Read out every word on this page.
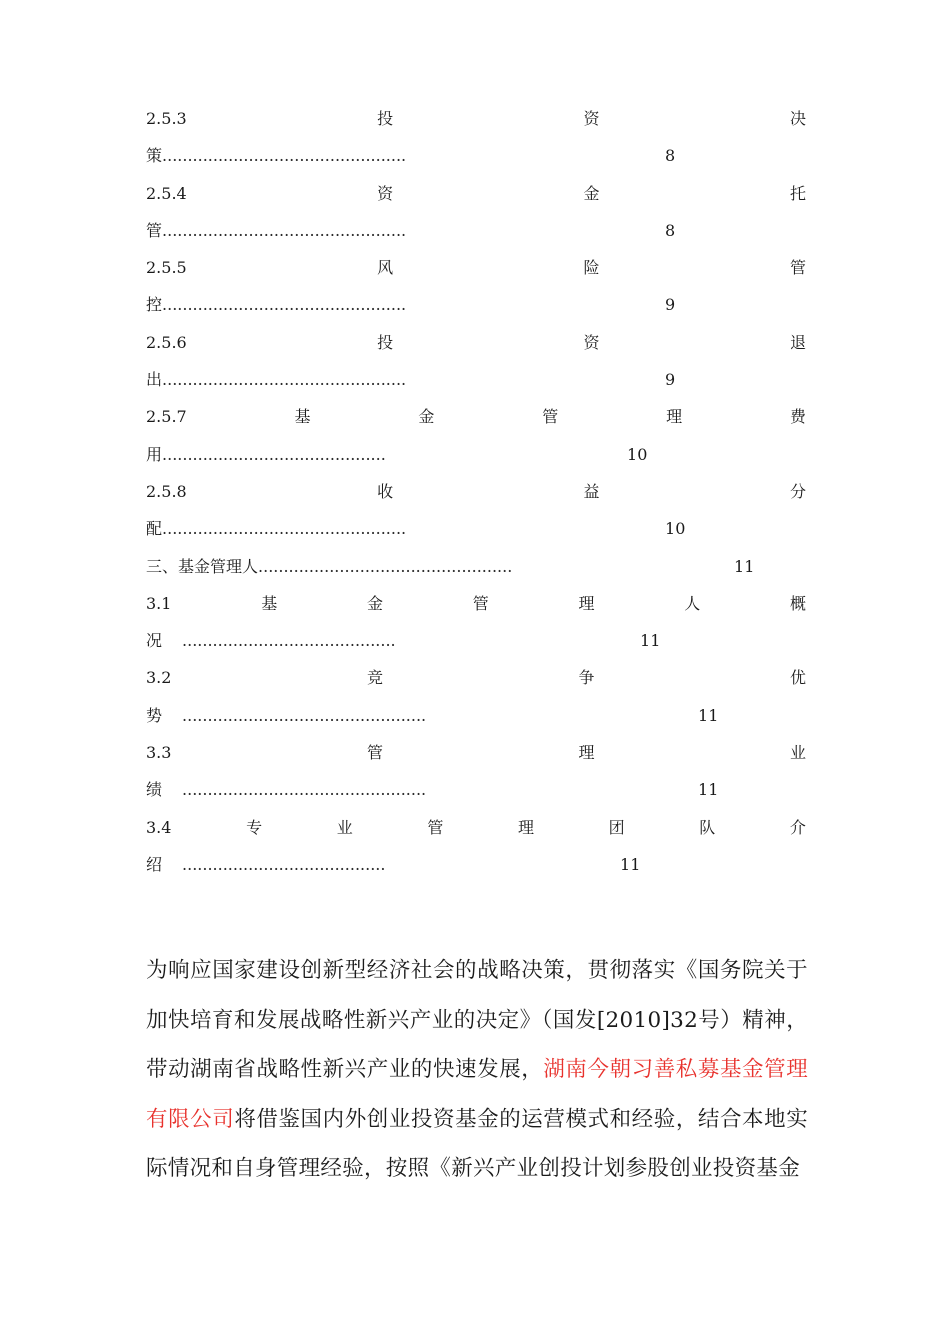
2.5.3	投	资	决
策 ................................................	8
2.5.4	资	金	托
管 ................................................	8
2.5.5	风	险	管
控 ................................................	9
2.5.6	投	资	退
出 ................................................	9
2.5.7	基	金	管	理	费
用 ............................................	10
2.5.8	收	益	分
配 ................................................	10
三、基金管理人 ..................................................	11
3.1	基	金	管	理	人	概
况 ..........................................	11
3.2	竞	争	优
势 ................................................	11
3.3	管	理	业
绩 ................................................	11
3.4	专	业	管	理	团	队	介
绍 ........................................	11
为响应国家建设创新型经济社会的战略决策，贯彻落实《国务院关于加快培育和发展战略性新兴产业的决定》（国发[2010]32号）精神，带动湖南省战略性新兴产业的快速发展，湖南今朝习善私募基金管理有限公司将借鉴国内外创业投资基金的运营模式和经验，结合本地实际情况和自身管理经验，按照《新兴产业创投计划参股创业投资基金
